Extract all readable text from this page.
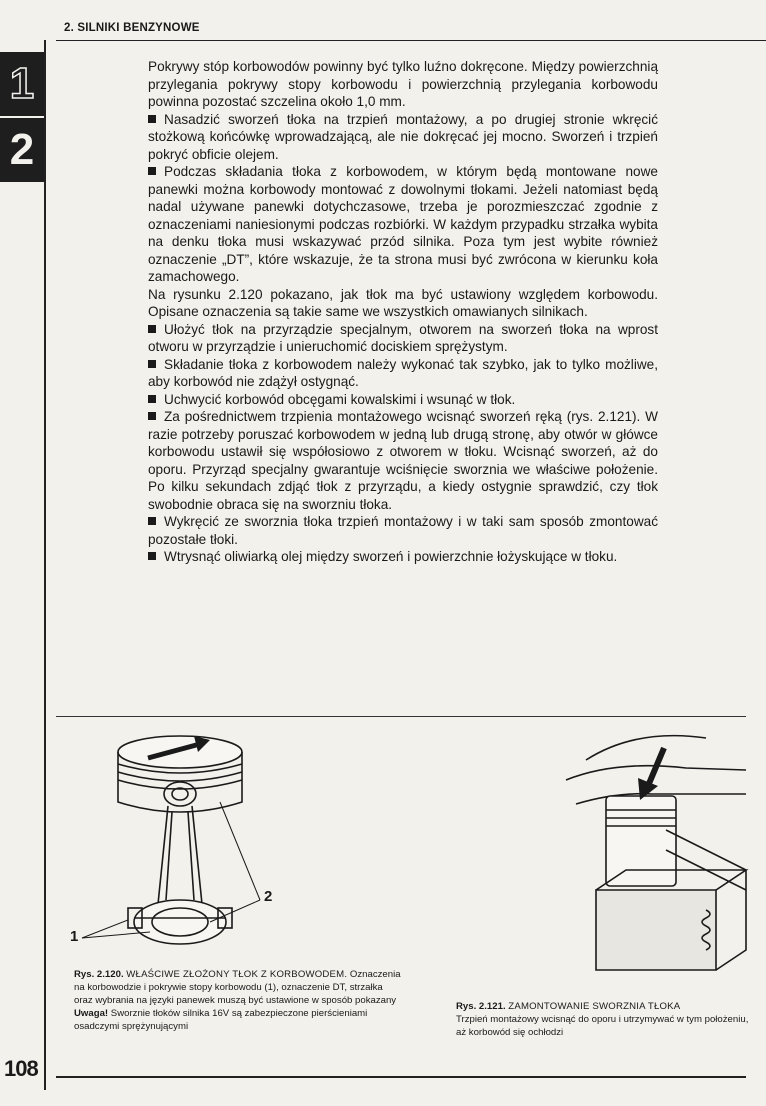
2. SILNIKI BENZYNOWE
1
2

Pokrywy stóp korbowodów powinny być tylko luźno dokręcone. Między powierzchnią przylegania pokrywy stopy korbowodu i powierzchnią przylegania korbowodu powinna pozostać szczelina około 1,0 mm.

Nasadzić sworzeń tłoka na trzpień montażowy, a po drugiej stronie wkręcić stożkową końcówkę wprowadzającą, ale nie dokręcać jej mocno. Sworzeń i trzpień pokryć obficie olejem.

Podczas składania tłoka z korbowodem, w którym będą montowane nowe panewki można korbowody montować z dowolnymi tłokami. Jeżeli natomiast będą nadal używane panewki dotychczasowe, trzeba je porozmieszczać zgodnie z oznaczeniami naniesionymi podczas rozbiórki. W każdym przypadku strzałka wybita na denku tłoka musi wskazywać przód silnika. Poza tym jest wybite również oznaczenie „DT”, które wskazuje, że ta strona musi być zwrócona w kierunku koła zamachowego.

Na rysunku 2.120 pokazano, jak tłok ma być ustawiony względem korbowodu. Opisane oznaczenia są takie same we wszystkich omawianych silnikach.

Ułożyć tłok na przyrządzie specjalnym, otworem na sworzeń tłoka na wprost otworu w przyrządzie i unieruchomić dociskiem sprężystym.

Składanie tłoka z korbowodem należy wykonać tak szybko, jak to tylko możliwe, aby korbowód nie zdążył ostygnąć.

Uchwycić korbowód obcęgami kowalskimi i wsunąć w tłok.

Za pośrednictwem trzpienia montażowego wcisnąć sworzeń ręką (rys. 2.121). W razie potrzeby poruszać korbowodem w jedną lub drugą stronę, aby otwór w główce korbowodu ustawił się współosiowo z otworem w tłoku. Wcisnąć sworzeń, aż do oporu. Przyrząd specjalny gwarantuje wciśnięcie sworznia we właściwe położenie. Po kilku sekundach zdjąć tłok z przyrządu, a kiedy ostygnie sprawdzić, czy tłok swobodnie obraca się na sworzniu tłoka.

Wykręcić ze sworznia tłoka trzpień montażowy i w taki sam sposób zmontować pozostałe tłoki.

Wtrysnąć oliwiarką olej między sworzeń i powierzchnie łożyskujące w tłoku.

2
1
Rys. 2.120. WŁAŚCIWE ZŁOŻONY TŁOK Z KORBOWODEM. Oznaczenia na korbowodzie i pokrywie stopy korbowodu (1), oznaczenie DT, strzałka oraz wybrania na języki panewek muszą być ustawione w sposób pokazany Uwaga! Sworznie tłoków silnika 16V są zabezpieczone pierścieniami osadczymi sprężynującymi
Rys. 2.121. ZAMONTOWANIE SWORZNIA TŁOKA
Trzpień montażowy wcisnąć do oporu i utrzymywać w tym położeniu, aż korbowód się ochłodzi
108
